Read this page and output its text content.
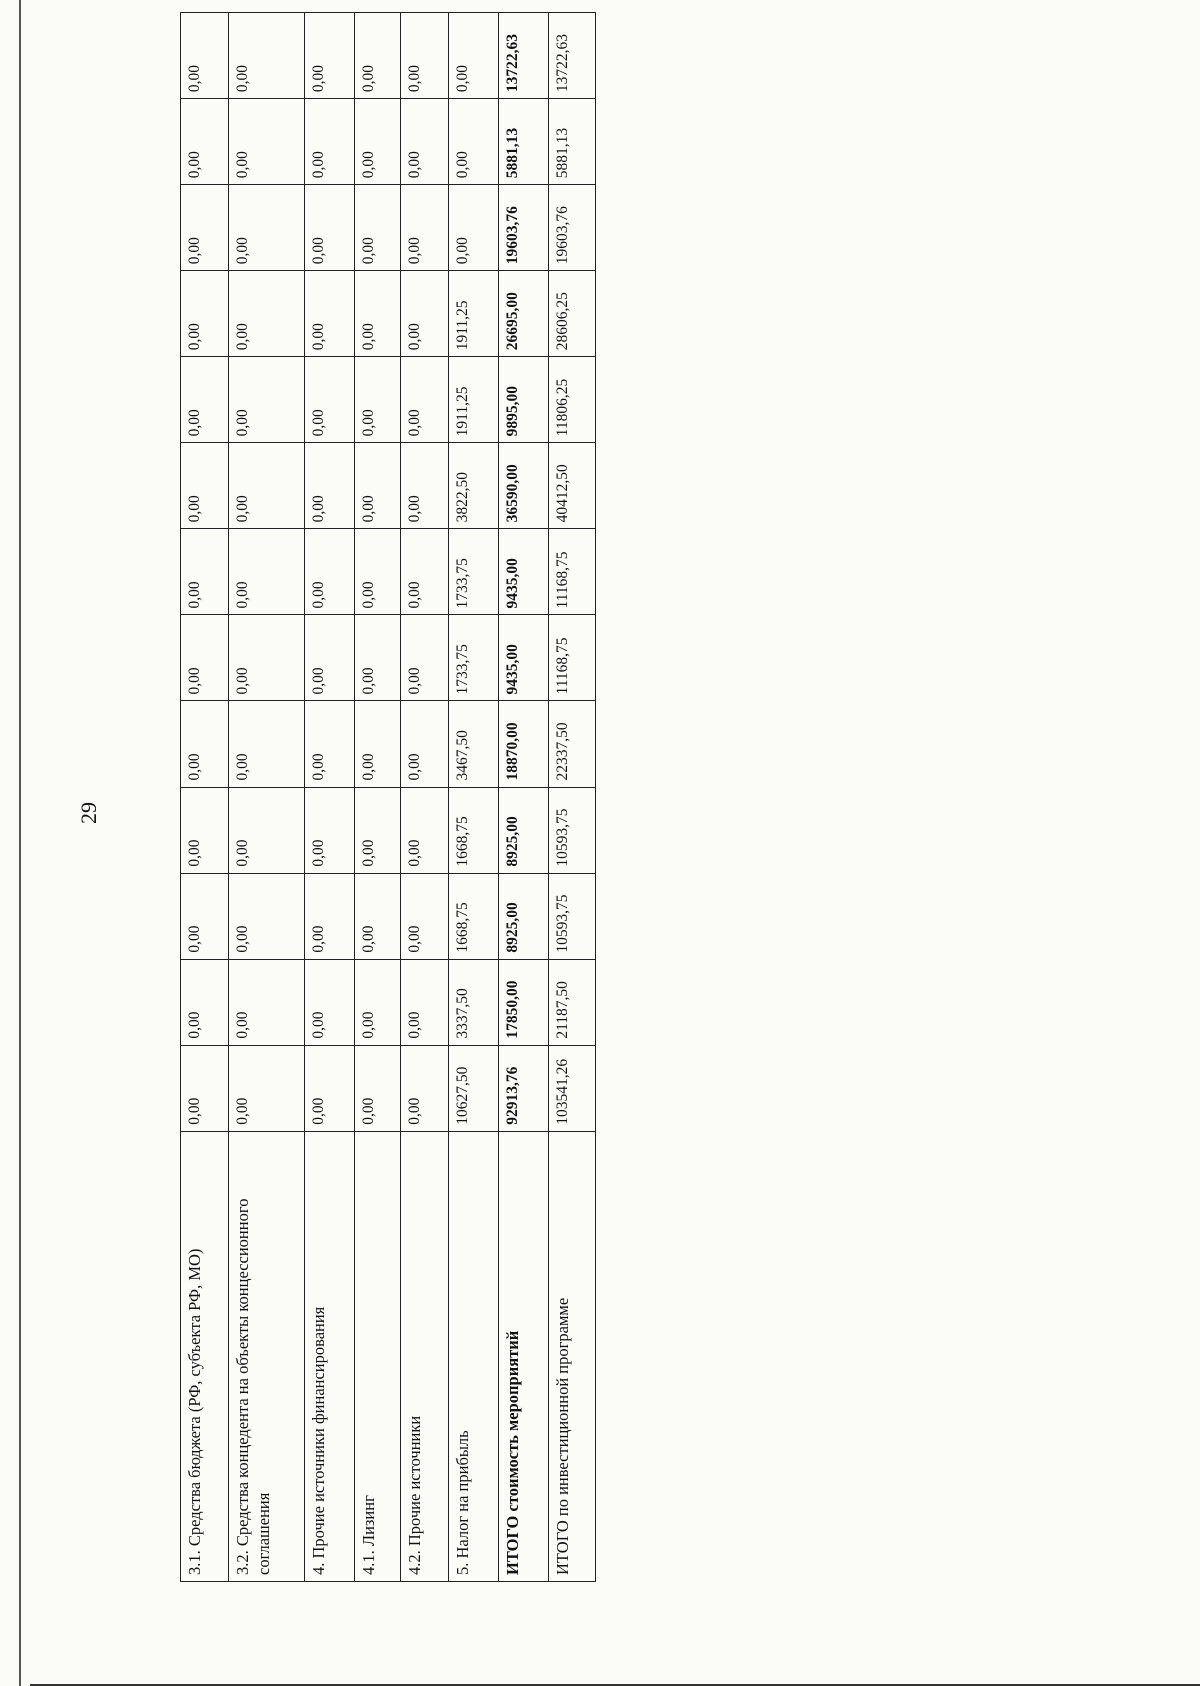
29
3.1. Средства бюджета (РФ, субъекта РФ, МО)	0,00	0,00	0,00	0,00	0,00	0,00	0,00	0,00	0,00	0,00	0,00	0,00	0,00
3.2. Средства концедента на объекты концессионного соглашения	0,00	0,00	0,00	0,00	0,00	0,00	0,00	0,00	0,00	0,00	0,00	0,00	0,00
4. Прочие источники финансирования	0,00	0,00	0,00	0,00	0,00	0,00	0,00	0,00	0,00	0,00	0,00	0,00	0,00
4.1. Лизинг	0,00	0,00	0,00	0,00	0,00	0,00	0,00	0,00	0,00	0,00	0,00	0,00	0,00
4.2. Прочие источники	0,00	0,00	0,00	0,00	0,00	0,00	0,00	0,00	0,00	0,00	0,00	0,00	0,00
5. Налог на прибыль	10627,50	3337,50	1668,75	1668,75	3467,50	1733,75	1733,75	3822,50	1911,25	1911,25	0,00	0,00	0,00
ИТОГО стоимость мероприятий	92913,76	17850,00	8925,00	8925,00	18870,00	9435,00	9435,00	36590,00	9895,00	26695,00	19603,76	5881,13	13722,63
ИТОГО по инвестиционной программе	103541,26	21187,50	10593,75	10593,75	22337,50	11168,75	11168,75	40412,50	11806,25	28606,25	19603,76	5881,13	13722,63
